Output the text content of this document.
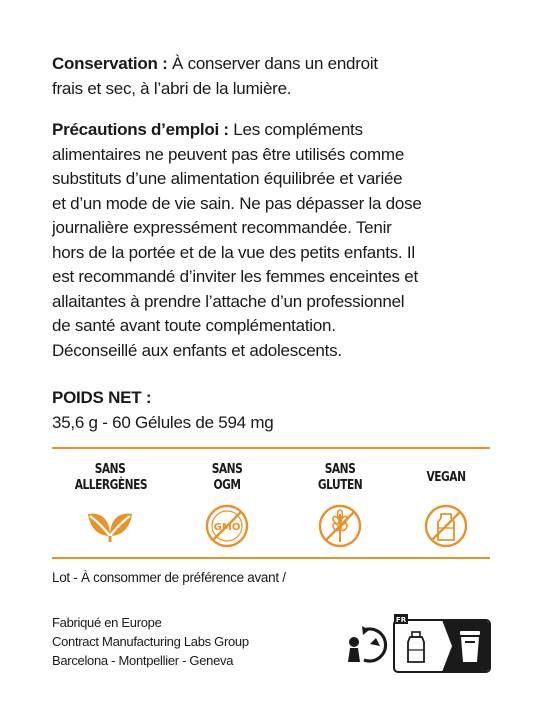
Conservation : À conserver dans un endroit
frais et sec, à l’abri de la lumière.
Précautions d’emploi : Les compléments
alimentaires ne peuvent pas être utilisés comme
substituts d’une alimentation équilibrée et variée
et d’un mode de vie sain. Ne pas dépasser la dose
journalière expressément recommandée. Tenir
hors de la portée et de la vue des petits enfants. Il
est recommandé d’inviter les femmes enceintes et
allaitantes à prendre l’attache d’un professionnel
de santé avant toute complémentation.
Déconseillé aux enfants et adolescents.
POIDS NET :
35,6 g - 60 Gélules de 594 mg
SANS
ALLERGÈNES
SANS
OGM
GMO
SANS
GLUTEN
VEGAN
Lot - À consommer de préférence avant /
Fabriqué en Europe
Contract Manufacturing Labs Group
Barcelona - Montpellier - Geneva
FR
